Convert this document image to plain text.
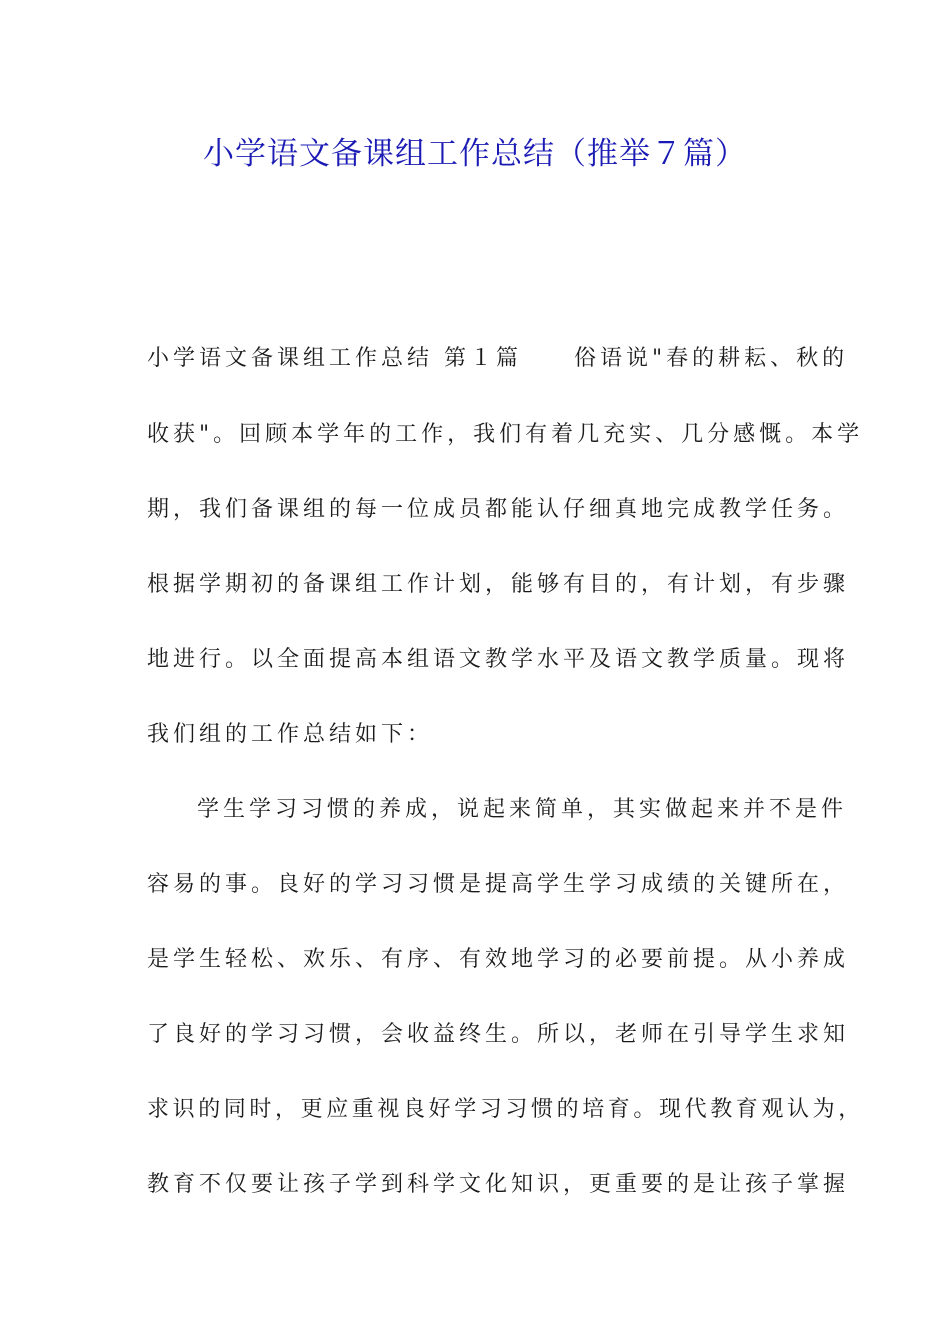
小学语文备课组工作总结（推举７篇）
小学语文备课组工作总结 第１篇 俗语说"春的耕耘、秋的
收获"。回顾本学年的工作，我们有着几充实、几分感慨。本学
期，我们备课组的每一位成员都能认仔细真地完成教学任务。
根据学期初的备课组工作计划，能够有目的，有计划，有步骤
地进行。以全面提高本组语文教学水平及语文教学质量。现将
我们组的工作总结如下：
学生学习习惯的养成，说起来简单，其实做起来并不是件
容易的事。良好的学习习惯是提高学生学习成绩的关键所在，
是学生轻松、欢乐、有序、有效地学习的必要前提。从小养成
了良好的学习习惯，会收益终生。所以，老师在引导学生求知
求识的同时，更应重视良好学习习惯的培育。现代教育观认为，
教育不仅要让孩子学到科学文化知识，更重要的是让孩子掌握
